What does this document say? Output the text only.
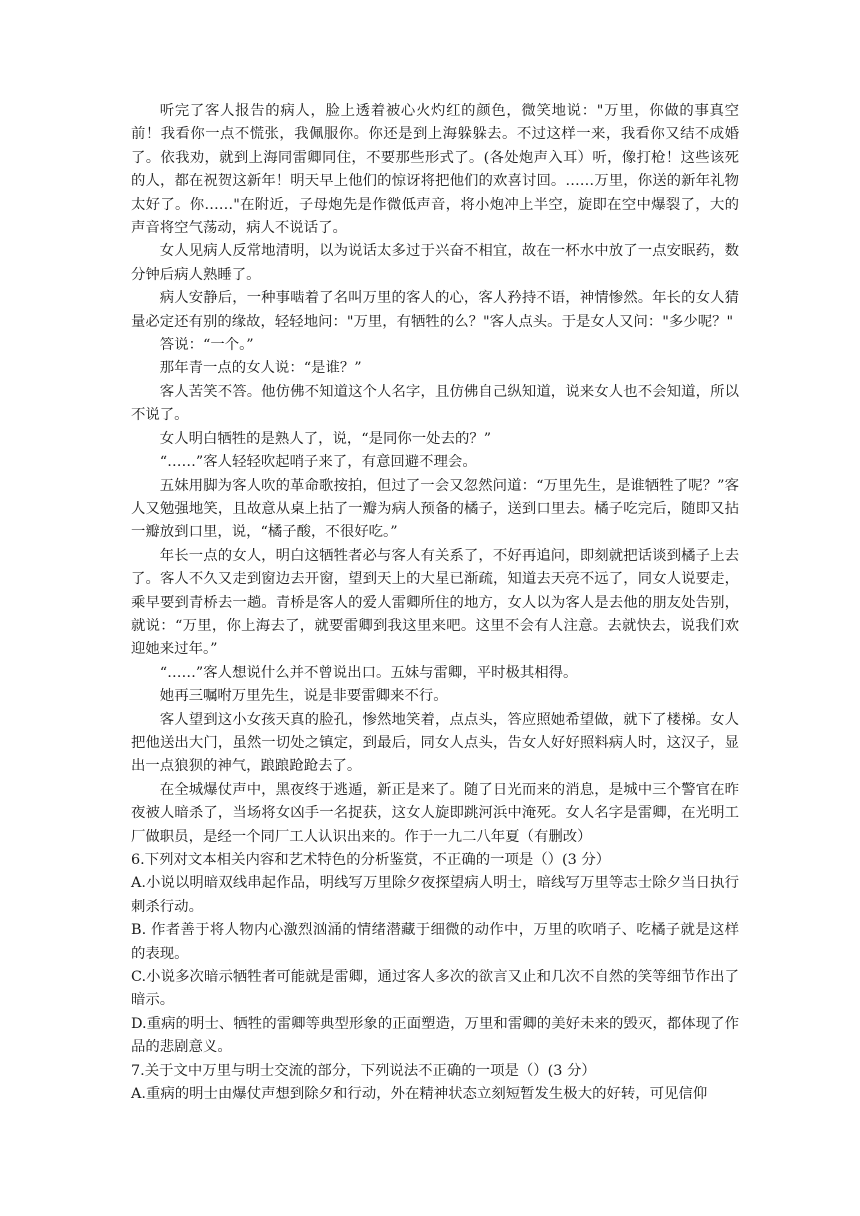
听完了客人报告的病人，脸上透着被心火灼红的颜色，微笑地说："万里，你做的事真空前！我看你一点不慌张，我佩服你。你还是到上海躲躲去。不过这样一来，我看你又结不成婚了。依我劝，就到上海同雷卿同住，不要那些形式了。(各处炮声入耳）听，像打枪！这些该死的人，都在祝贺这新年！明天早上他们的惊讶将把他们的欢喜讨回。……万里，你送的新年礼物太好了。你……"在附近，子母炮先是作微低声音，将小炮冲上半空，旋即在空中爆裂了，大的声音将空气荡动，病人不说话了。

女人见病人反常地清明，以为说话太多过于兴奋不相宜，故在一杯水中放了一点安眠药，数分钟后病人熟睡了。

病人安静后，一种事啮着了名叫万里的客人的心，客人矜持不语，神情惨然。年长的女人猜量必定还有别的缘故，轻轻地问："万里，有牺牲的么？"客人点头。于是女人又问："多少呢？"

答说：“一个。”

那年青一点的女人说：“是谁？”

客人苦笑不答。他仿佛不知道这个人名字，且仿佛自己纵知道，说来女人也不会知道，所以不说了。

女人明白牺牲的是熟人了，说，“是同你一处去的？”

“……”客人轻轻吹起哨子来了，有意回避不理会。

五妹用脚为客人吹的革命歌按拍，但过了一会又忽然问道：“万里先生，是谁牺牲了呢？”客人又勉强地笑，且故意从桌上拈了一瓣为病人预备的橘子，送到口里去。橘子吃完后，随即又拈一瓣放到口里，说，“橘子酸，不很好吃。”

年长一点的女人，明白这牺牲者必与客人有关系了，不好再追问，即刻就把话谈到橘子上去了。客人不久又走到窗边去开窗，望到天上的大星已渐疏，知道去天亮不远了，同女人说要走，乘早要到青桥去一趟。青桥是客人的爱人雷卿所住的地方，女人以为客人是去他的朋友处告别，就说：“万里，你上海去了，就要雷卿到我这里来吧。这里不会有人注意。去就快去，说我们欢迎她来过年。”

“……”客人想说什么并不曾说出口。五妹与雷卿，平时极其相得。

她再三嘱咐万里先生，说是非要雷卿来不行。

客人望到这小女孩天真的脸孔，惨然地笑着，点点头，答应照她希望做，就下了楼梯。女人把他送出大门，虽然一切处之镇定，到最后，同女人点头，告女人好好照料病人时，这汉子，显出一点狼狈的神气，踉踉跄跄去了。

在全城爆仗声中，黑夜终于逃遁，新正是来了。随了日光而来的消息，是城中三个警官在昨夜被人暗杀了，当场将女凶手一名捉获，这女人旋即跳河浜中淹死。女人名字是雷卿，在光明工厂做职员，是经一个同厂工人认识出来的。作于一九二八年夏（有删改）

6.下列对文本相关内容和艺术特色的分析鉴赏，不正确的一项是（）(3 分）

A.小说以明暗双线串起作品，明线写万里除夕夜探望病人明士，暗线写万里等志士除夕当日执行刺杀行动。

B. 作者善于将人物内心激烈汹涌的情绪潜藏于细微的动作中，万里的吹哨子、吃橘子就是这样的表现。

C.小说多次暗示牺牲者可能就是雷卿，通过客人多次的欲言又止和几次不自然的笑等细节作出了暗示。

D.重病的明士、牺牲的雷卿等典型形象的正面塑造，万里和雷卿的美好未来的毁灭，都体现了作品的悲剧意义。

7.关于文中万里与明士交流的部分，下列说法不正确的一项是（）(3 分）

A.重病的明士由爆仗声想到除夕和行动，外在精神状态立刻短暂发生极大的好转，可见信仰
